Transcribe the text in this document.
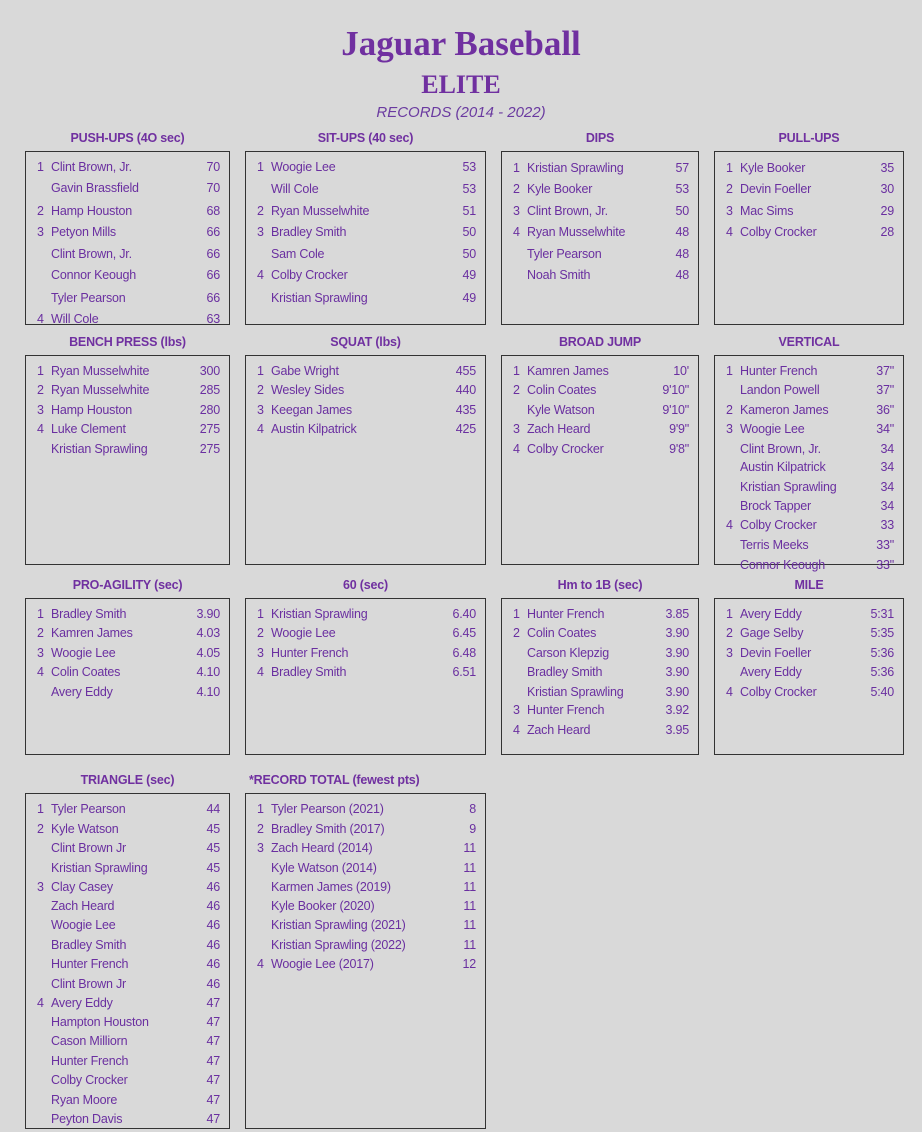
Jaguar Baseball
ELITE
RECORDS (2014 - 2022)
PUSH-UPS (4O sec)
1 Clint Brown, Jr.	70
Gavin Brassfield	70
2 Hamp Houston	68
3 Petyon Mills	66
Clint Brown, Jr.	66
Connor Keough	66
Tyler Pearson	66
4 Will Cole	63
SIT-UPS (40 sec)
1 Woogie Lee	53
Will Cole	53
2 Ryan Musselwhite	51
3 Bradley Smith	50
Sam Cole	50
4 Colby Crocker	49
Kristian Sprawling	49
DIPS
1 Kristian Sprawling	57
2 Kyle Booker	53
3 Clint Brown, Jr.	50
4 Ryan Musselwhite	48
Tyler Pearson	48
Noah Smith	48
PULL-UPS
1 Kyle Booker	35
2 Devin Foeller	30
3 Mac Sims	29
4 Colby Crocker	28
BENCH PRESS (lbs)
1 Ryan Musselwhite	300
2 Ryan Musselwhite	285
3 Hamp Houston	280
4 Luke Clement	275
Kristian Sprawling	275
SQUAT (lbs)
1 Gabe Wright	455
2 Wesley Sides	440
3 Keegan James	435
4 Austin Kilpatrick	425
BROAD JUMP
1 Kamren James	10'
2 Colin Coates	9'10"
Kyle Watson	9'10"
3 Zach Heard	9'9"
4 Colby Crocker	9'8"
VERTICAL
1 Hunter French	37"
Landon Powell	37"
2 Kameron James	36"
3 Woogie Lee	34"
Clint Brown, Jr.	34
Austin Kilpatrick	34
Kristian Sprawling	34
Brock Tapper	34
4 Colby Crocker	33
Terris Meeks	33"
Connor Keough	33"
PRO-AGILITY (sec)
1 Bradley Smith	3.90
2 Kamren James	4.03
3 Woogie Lee	4.05
4 Colin Coates	4.10
Avery Eddy	4.10
60 (sec)
1 Kristian Sprawling	6.40
2 Woogie Lee	6.45
3 Hunter French	6.48
4 Bradley Smith	6.51
Hm to 1B (sec)
1 Hunter French	3.85
2 Colin Coates	3.90
Carson Klepzig	3.90
Bradley Smith	3.90
Kristian Sprawling	3.90
3 Hunter French	3.92
4 Zach Heard	3.95
MILE
1 Avery Eddy	5:31
2 Gage Selby	5:35
3 Devin Foeller	5:36
Avery Eddy	5:36
4 Colby Crocker	5:40
TRIANGLE (sec)
1 Tyler Pearson	44
2 Kyle Watson	45
Clint Brown Jr	45
Kristian Sprawling	45
3 Clay Casey	46
Zach Heard	46
Woogie Lee	46
Bradley Smith	46
Hunter French	46
Clint Brown Jr	46
4 Avery Eddy	47
Hampton Houston	47
Cason Milliorn	47
Hunter French	47
Colby Crocker	47
Ryan Moore	47
Peyton Davis	47
*RECORD TOTAL (fewest pts)
1 Tyler Pearson (2021)	8
2 Bradley Smith (2017)	9
3 Zach Heard (2014)	11
Kyle Watson (2014)	11
Karmen James (2019)	11
Kyle Booker (2020)	11
Kristian Sprawling (2021)	11
Kristian Sprawling (2022)	11
4 Woogie Lee (2017)	12
